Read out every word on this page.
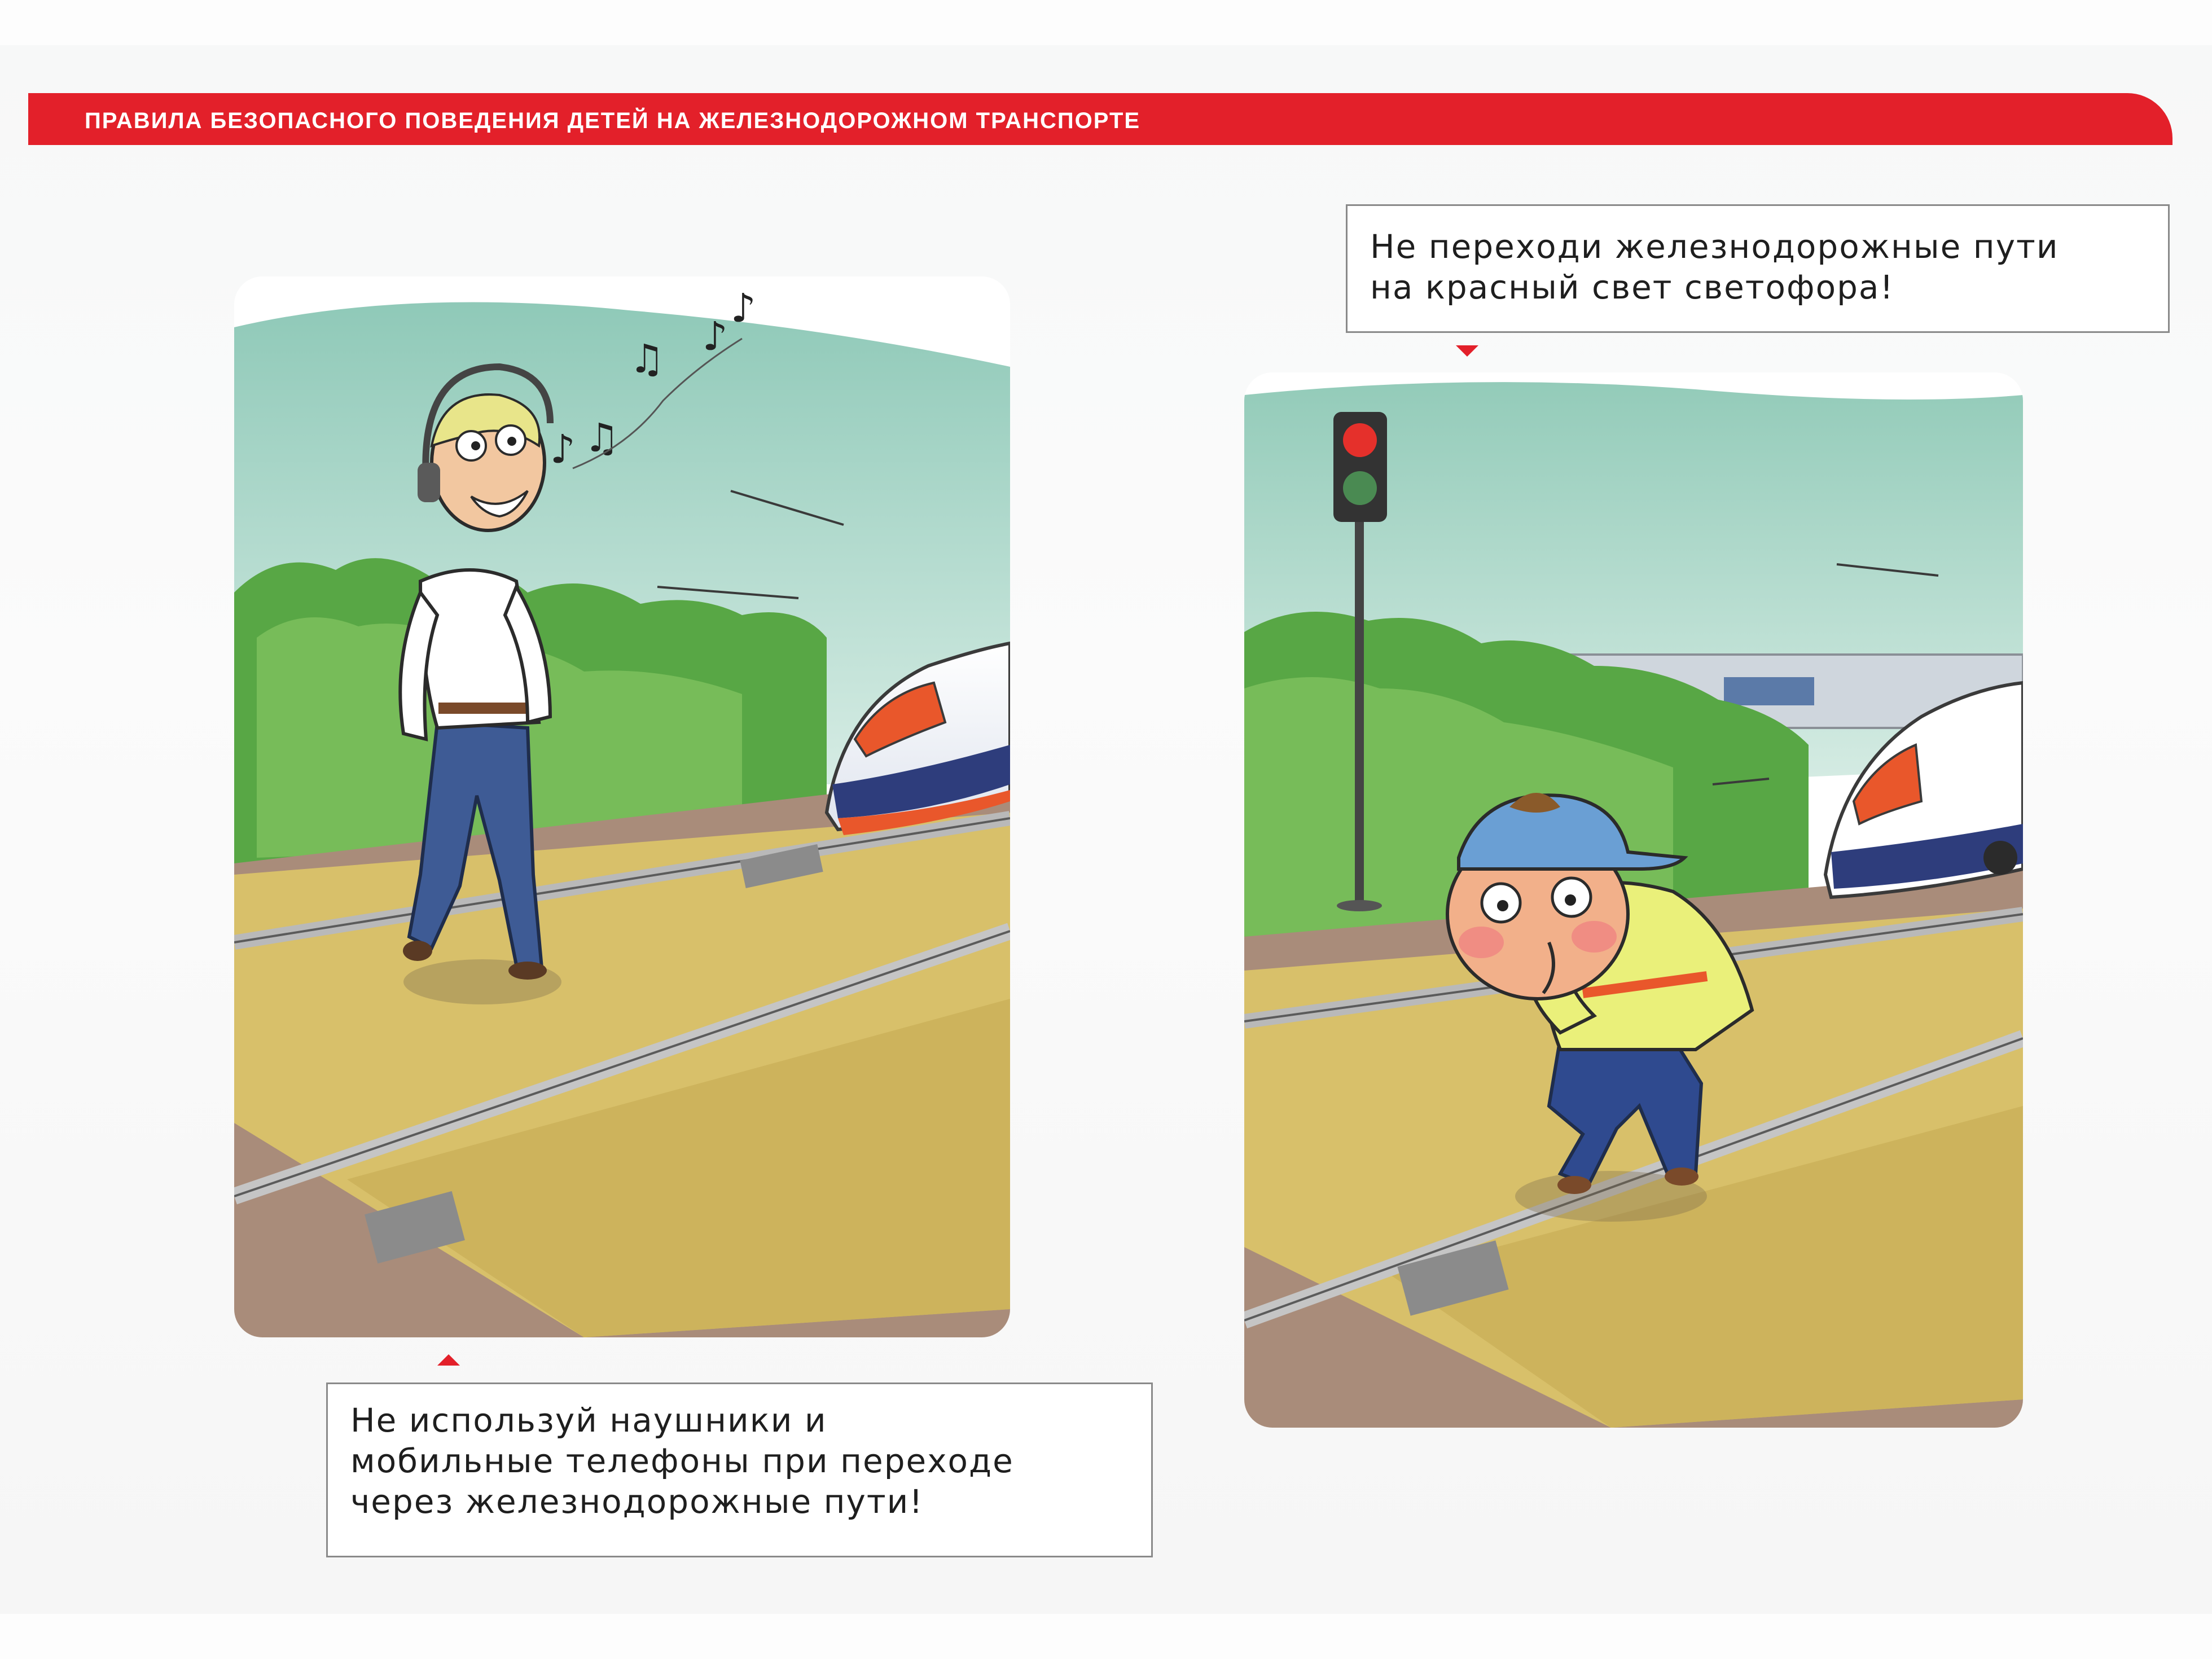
ПРАВИЛА БЕЗОПАСНОГО ПОВЕДЕНИЯ ДЕТЕЙ НА ЖЕЛЕЗНОДОРОЖНОМ ТРАНСПОРТЕ
♪ ♫
♫ ♪
♪
Не используй наушники и
мобильные телефоны при переходе
через железнодорожные пути!
Не переходи железнодорожные пути
на красный свет светофора!
